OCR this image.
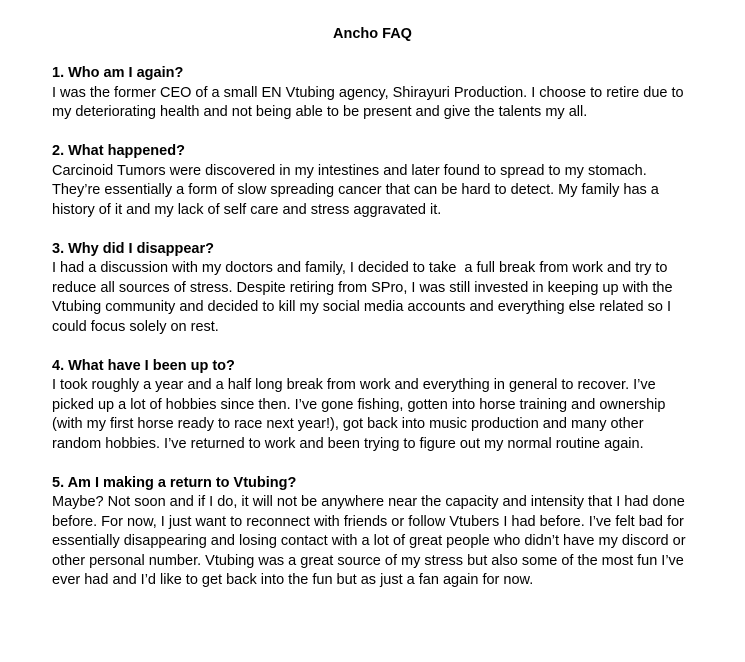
Ancho FAQ

1. Who am I again?

I was the former CEO of a small EN Vtubing agency, Shirayuri Production. I choose to retire due to my deteriorating health and not being able to be present and give the talents my all.

2. What happened?

Carcinoid Tumors were discovered in my intestines and later found to spread to my stomach. They’re essentially a form of slow spreading cancer that can be hard to detect. My family has a history of it and my lack of self care and stress aggravated it.

3. Why did I disappear?

I had a discussion with my doctors and family, I decided to take  a full break from work and try to reduce all sources of stress. Despite retiring from SPro, I was still invested in keeping up with the Vtubing community and decided to kill my social media accounts and everything else related so I could focus solely on rest.

4. What have I been up to?

I took roughly a year and a half long break from work and everything in general to recover. I’ve picked up a lot of hobbies since then. I’ve gone fishing, gotten into horse training and ownership (with my first horse ready to race next year!), got back into music production and many other random hobbies. I’ve returned to work and been trying to figure out my normal routine again.

5. Am I making a return to Vtubing?

Maybe? Not soon and if I do, it will not be anywhere near the capacity and intensity that I had done before. For now, I just want to reconnect with friends or follow Vtubers I had before. I’ve felt bad for essentially disappearing and losing contact with a lot of great people who didn’t have my discord or other personal number. Vtubing was a great source of my stress but also some of the most fun I’ve ever had and I’d like to get back into the fun but as just a fan again for now.
